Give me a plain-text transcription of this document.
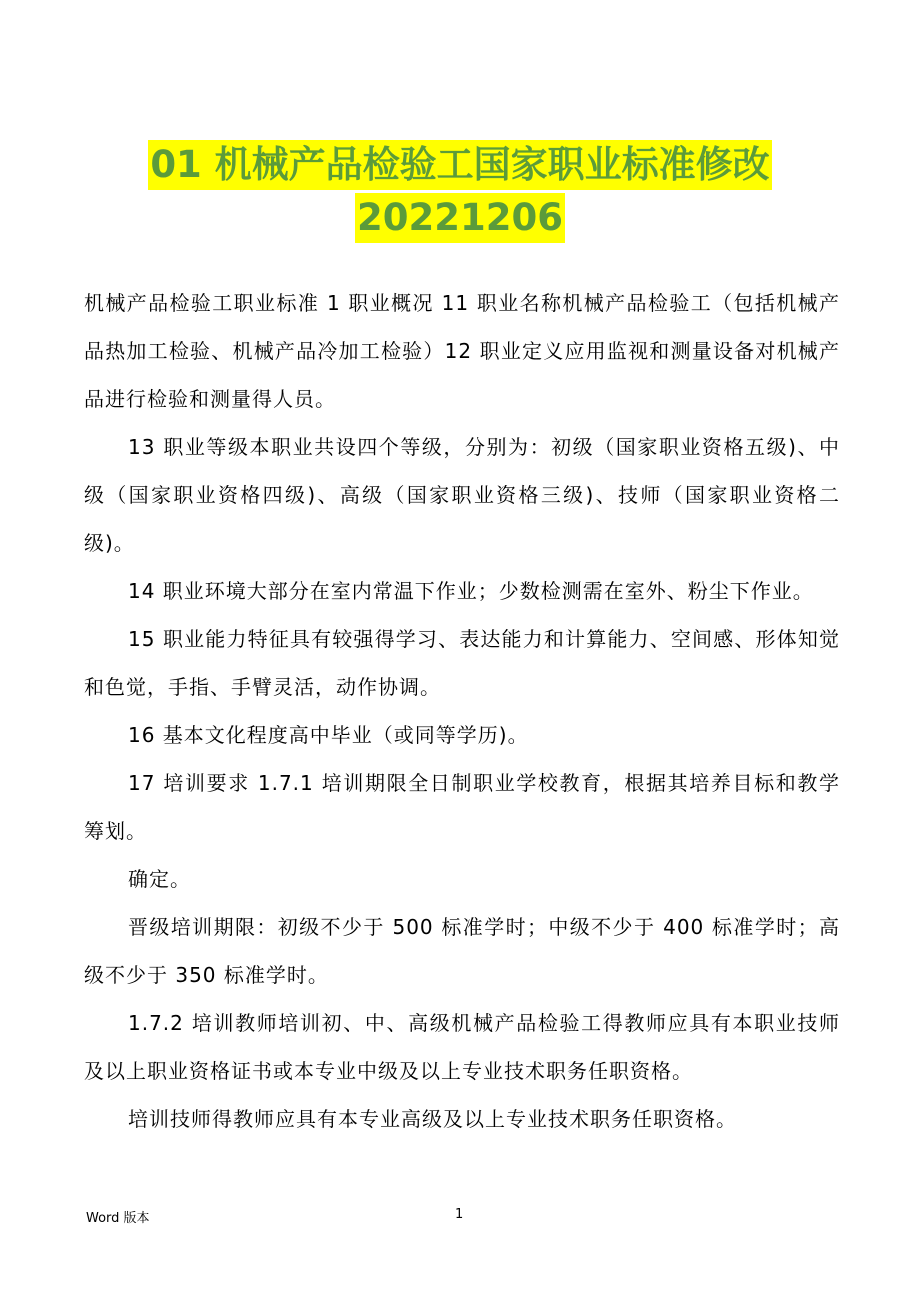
01 机械产品检验工国家职业标准修改
20221206

机械产品检验工职业标准 1 职业概况 11 职业名称机械产品检验工（包括机械产品热加工检验、机械产品冷加工检验）12 职业定义应用监视和测量设备对机械产品进行检验和测量得人员。

13 职业等级本职业共设四个等级，分别为：初级（国家职业资格五级)、中级（国家职业资格四级)、高级（国家职业资格三级)、技师（国家职业资格二级)。

14 职业环境大部分在室内常温下作业；少数检测需在室外、粉尘下作业。

15 职业能力特征具有较强得学习、表达能力和计算能力、空间感、形体知觉和色觉，手指、手臂灵活，动作协调。

16 基本文化程度高中毕业（或同等学历)。

17 培训要求 1.7.1 培训期限全日制职业学校教育，根据其培养目标和教学筹划。

确定。

晋级培训期限：初级不少于 500 标准学时；中级不少于 400 标准学时；高级不少于 350 标准学时。

1.7.2 培训教师培训初、中、高级机械产品检验工得教师应具有本职业技师及以上职业资格证书或本专业中级及以上专业技术职务任职资格。

培训技师得教师应具有本专业高级及以上专业技术职务任职资格。

Word 版本	1
